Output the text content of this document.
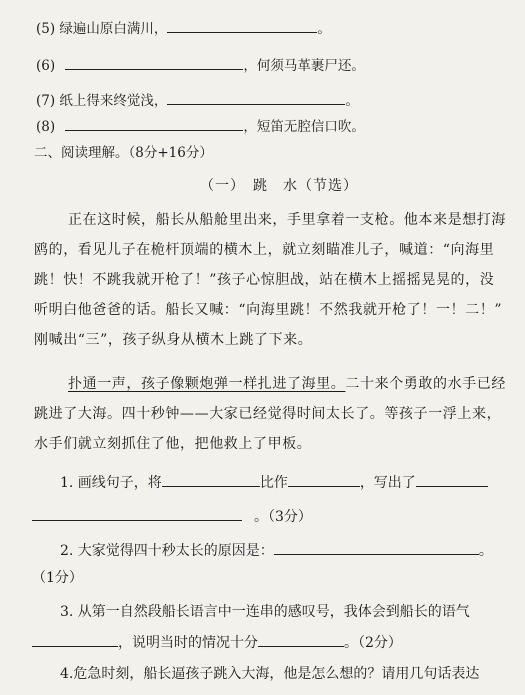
(5) 绿遍山原白满川，	。
(6)	，何须马革裹尸还。
(7) 纸上得来终觉浅，	。
(8)	，短笛无腔信口吹。
二、阅读理解。（8分+16分）
（一）　跳　水（节选）
正在这时候，船长从船舱里出来，手里拿着一支枪。他本来是想打海
鸥的，看见儿子在桅杆顶端的横木上，就立刻瞄准儿子，喊道：“向海里
跳！快！不跳我就开枪了！”孩子心惊胆战，站在横木上摇摇晃晃的，没
听明白他爸爸的话。船长又喊：“向海里跳！不然我就开枪了！一！二！”
刚喊出“三”，孩子纵身从横木上跳了下来。
扑通一声，孩子像颗炮弹一样扎进了海里。二十来个勇敢的水手已经
跳进了大海。四十秒钟——大家已经觉得时间太长了。等孩子一浮上来，
水手们就立刻抓住了他，把他救上了甲板。
1. 画线句子，将	比作	，写出了
。（3分）
2. 大家觉得四十秒太长的原因是：	。
（1分）
3. 从第一自然段船长语言中一连串的感叹号，我体会到船长的语气
，说明当时的情况十分	。（2分）
4.危急时刻，船长逼孩子跳入大海，他是怎么想的？请用几句话表达
